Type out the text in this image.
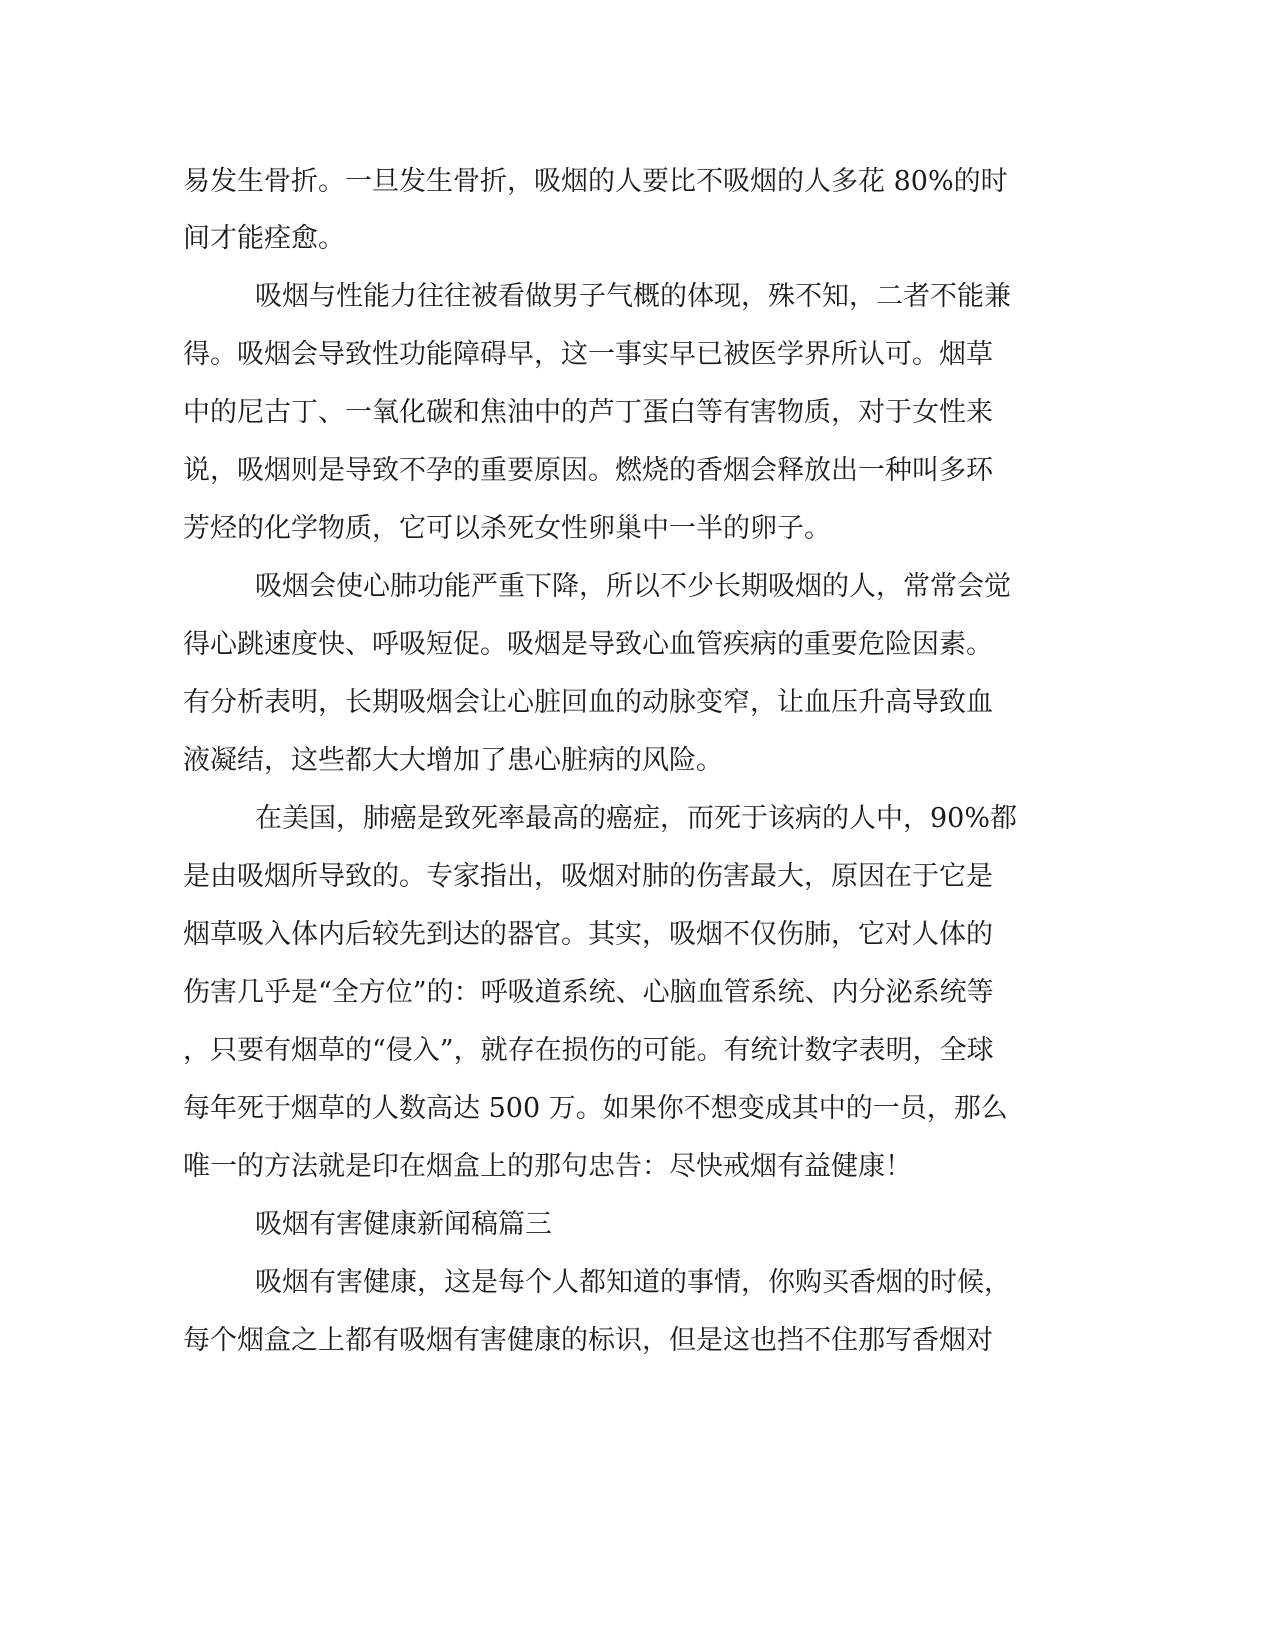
易发生骨折。一旦发生骨折，吸烟的人要比不吸烟的人多花 80%的时
间才能痊愈。
吸烟与性能力往往被看做男子气概的体现，殊不知，二者不能兼
得。吸烟会导致性功能障碍早，这一事实早已被医学界所认可。烟草
中的尼古丁、一氧化碳和焦油中的芦丁蛋白等有害物质，对于女性来
说，吸烟则是导致不孕的重要原因。燃烧的香烟会释放出一种叫多环
芳烃的化学物质，它可以杀死女性卵巢中一半的卵子。
吸烟会使心肺功能严重下降，所以不少长期吸烟的人，常常会觉
得心跳速度快、呼吸短促。吸烟是导致心血管疾病的重要危险因素。
有分析表明，长期吸烟会让心脏回血的动脉变窄，让血压升高导致血
液凝结，这些都大大增加了患心脏病的风险。
在美国，肺癌是致死率最高的癌症，而死于该病的人中，90%都
是由吸烟所导致的。专家指出，吸烟对肺的伤害最大，原因在于它是
烟草吸入体内后较先到达的器官。其实，吸烟不仅伤肺，它对人体的
伤害几乎是“全方位”的：呼吸道系统、心脑血管系统、内分泌系统等
，只要有烟草的“侵入”，就存在损伤的可能。有统计数字表明，全球
每年死于烟草的人数高达 500 万。如果你不想变成其中的一员，那么
唯一的方法就是印在烟盒上的那句忠告：尽快戒烟有益健康！
吸烟有害健康新闻稿篇三
吸烟有害健康，这是每个人都知道的事情，你购买香烟的时候，
每个烟盒之上都有吸烟有害健康的标识，但是这也挡不住那写香烟对
